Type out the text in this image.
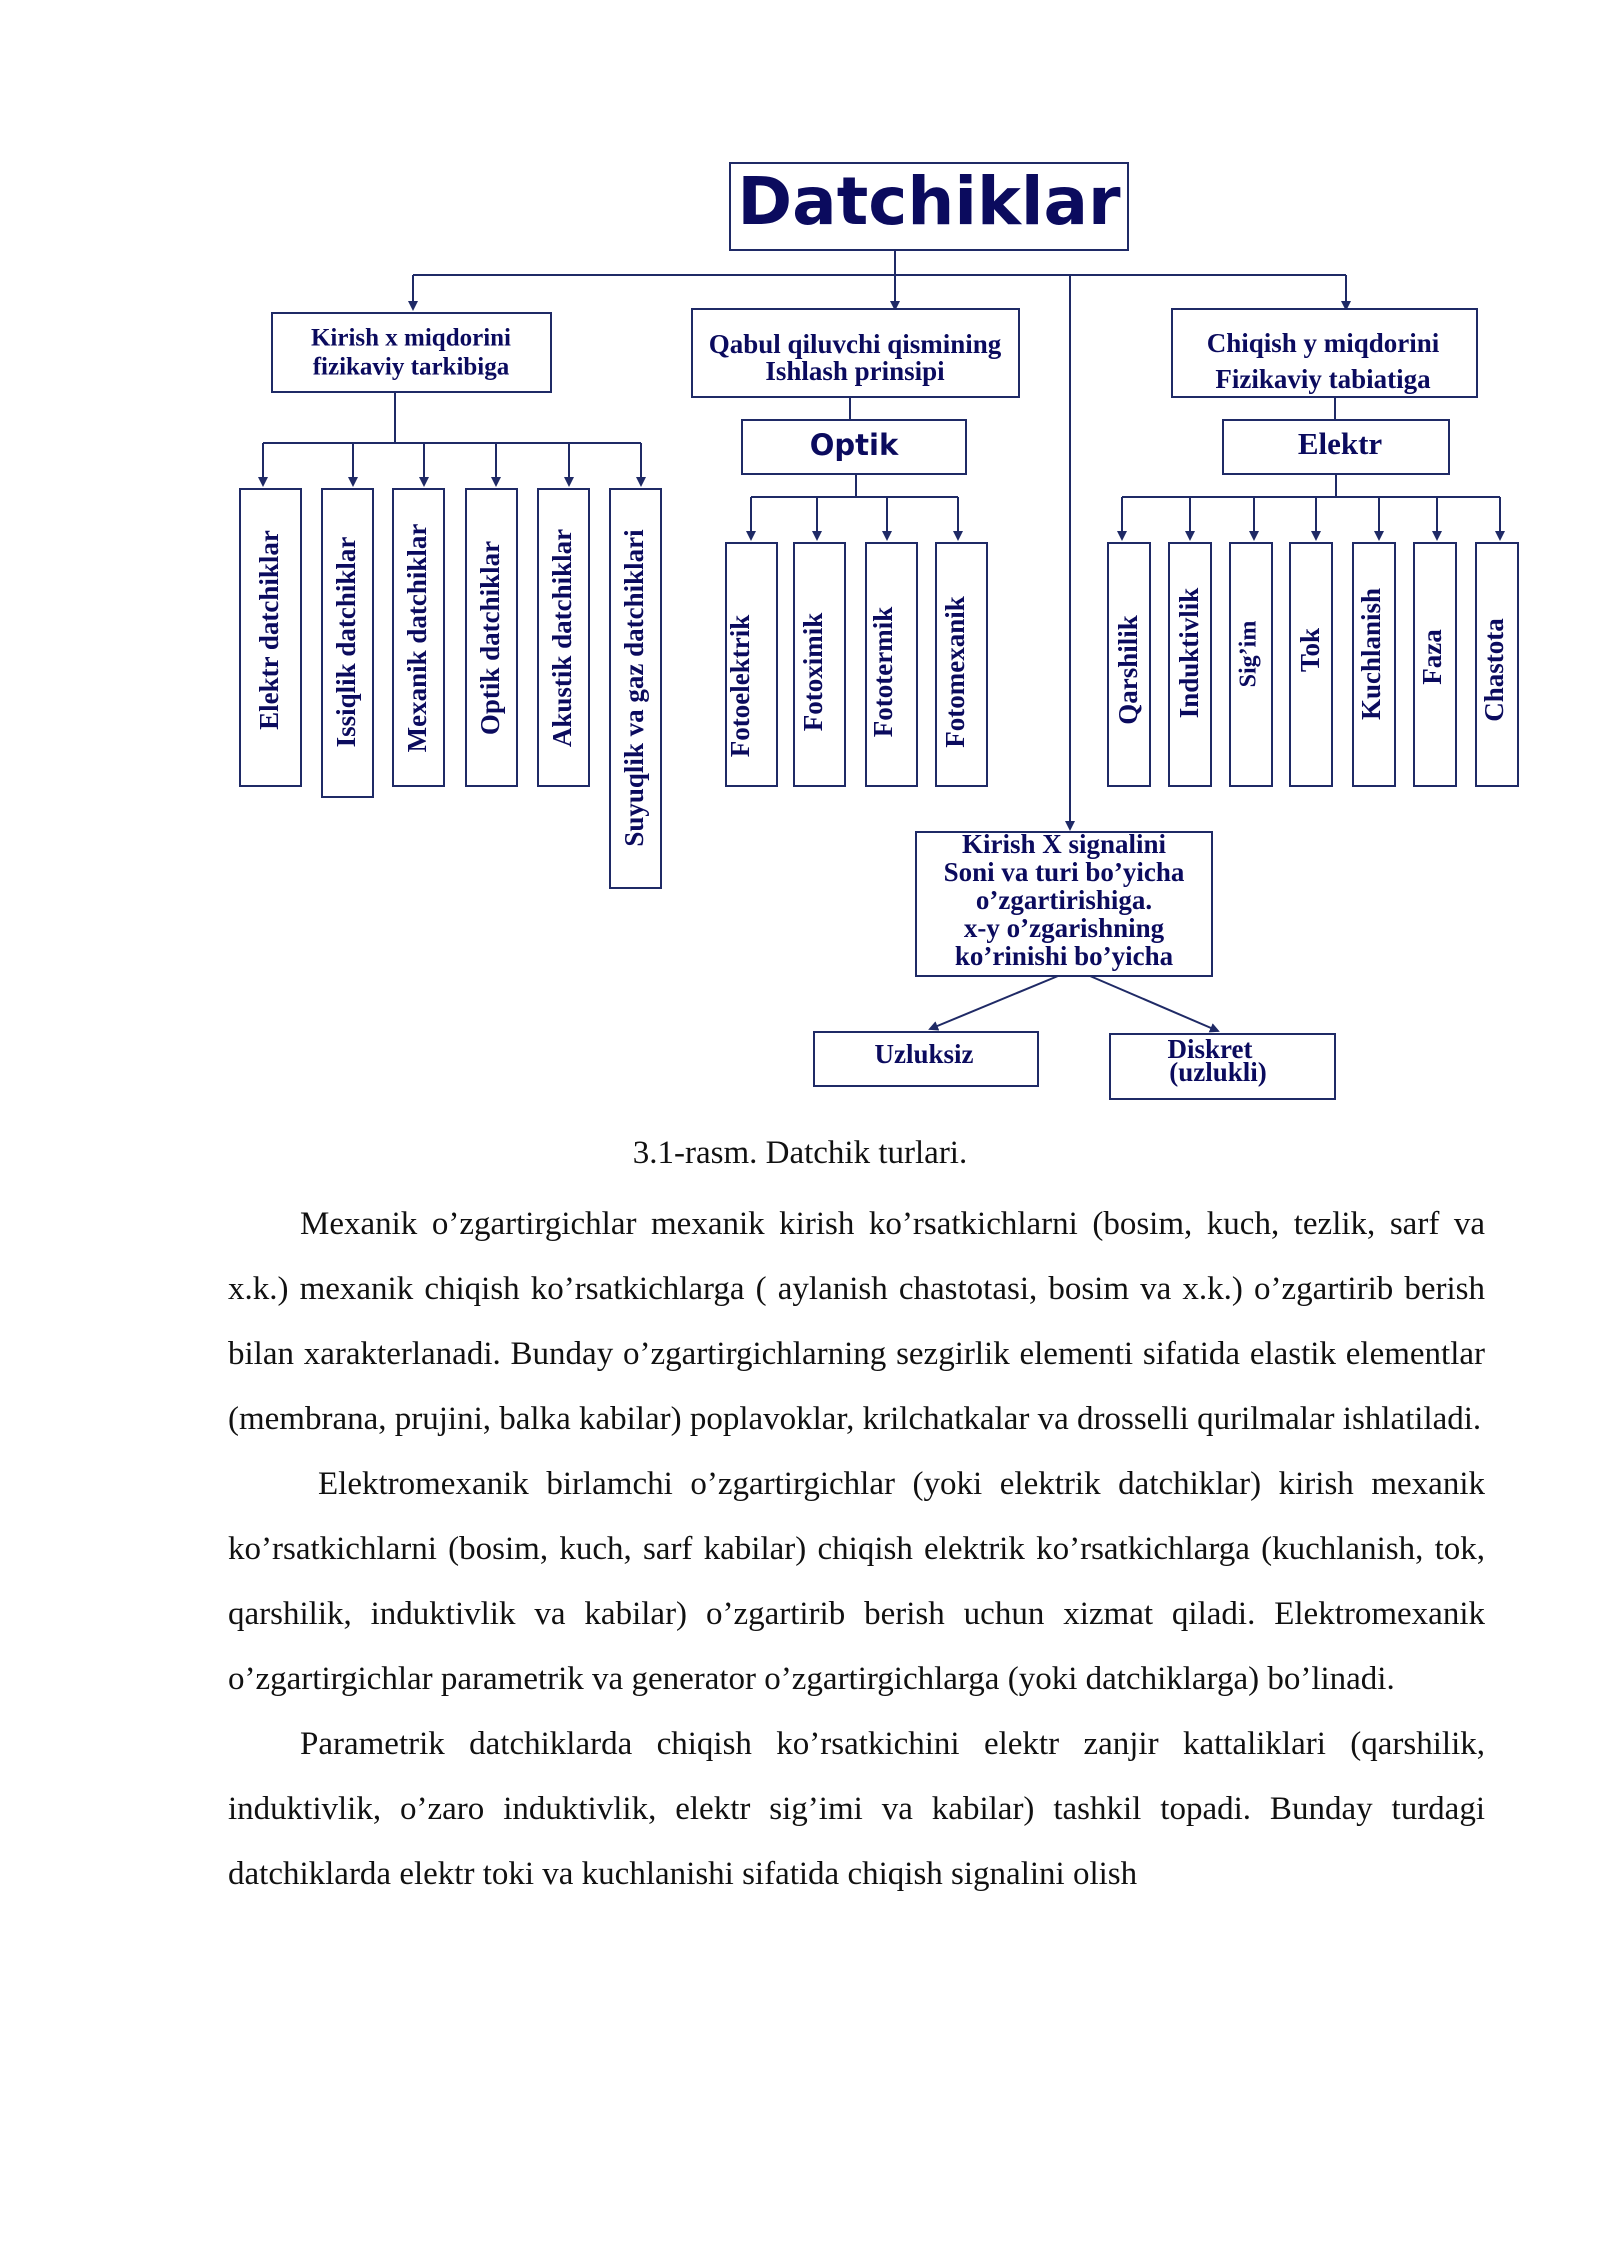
Datchiklar
Kirish x miqdorini
fizikaviy tarkibiga
Qabul qiluvchi qismining
Ishlash prinsipi
Chiqish y miqdorini
Fizikaviy tabiatiga
Elektr datchiklar Issiqlik datchiklar Mexanik datchiklar Optik datchiklar Akustik datchiklar Suyuqlik va gaz datchiklari
Optik
Fotoelektrik Fotoximik Fototermik Fotomexanik
Elektr
Qarshilik Induktivlik Sig’im Tok Kuchlanish Faza Chastota
Kirish X signalini
Soni va turi bo’yicha
o’zgartirishiga.
x-y o’zgarishning
ko’rinishi bo’yicha
Uzluksiz	Diskret
(uzlukli)
3.1-rasm. Datchik turlari.

Mexanik o’zgartirgichlar mexanik kirish ko’rsatkichlarni (bosim, kuch, tezlik, sarf va x.k.) mexanik chiqish ko’rsatkichlarga ( aylanish chastotasi, bosim va x.k.) o’zgartirib berish bilan xarakterlanadi. Bunday o’zgartirgichlarning sezgirlik elementi sifatida elastik elementlar (membrana, prujini, balka kabilar) poplavoklar, krilchatkalar va drosselli qurilmalar ishlatiladi.

Elektromexanik birlamchi o’zgartirgichlar (yoki elektrik datchiklar) kirish mexanik ko’rsatkichlarni (bosim, kuch, sarf kabilar) chiqish elektrik ko’rsatkichlarga (kuchlanish, tok, qarshilik, induktivlik va kabilar) o’zgartirib berish uchun xizmat qiladi. Elektromexanik o’zgartirgichlar parametrik va generator o’zgartirgichlarga (yoki datchiklarga) bo’linadi.

Parametrik datchiklarda chiqish ko’rsatkichini elektr zanjir kattaliklari (qarshilik, induktivlik, o’zaro induktivlik, elektr sig’imi va kabilar) tashkil topadi. Bunday turdagi datchiklarda elektr toki va kuchlanishi sifatida chiqish signalini olish
